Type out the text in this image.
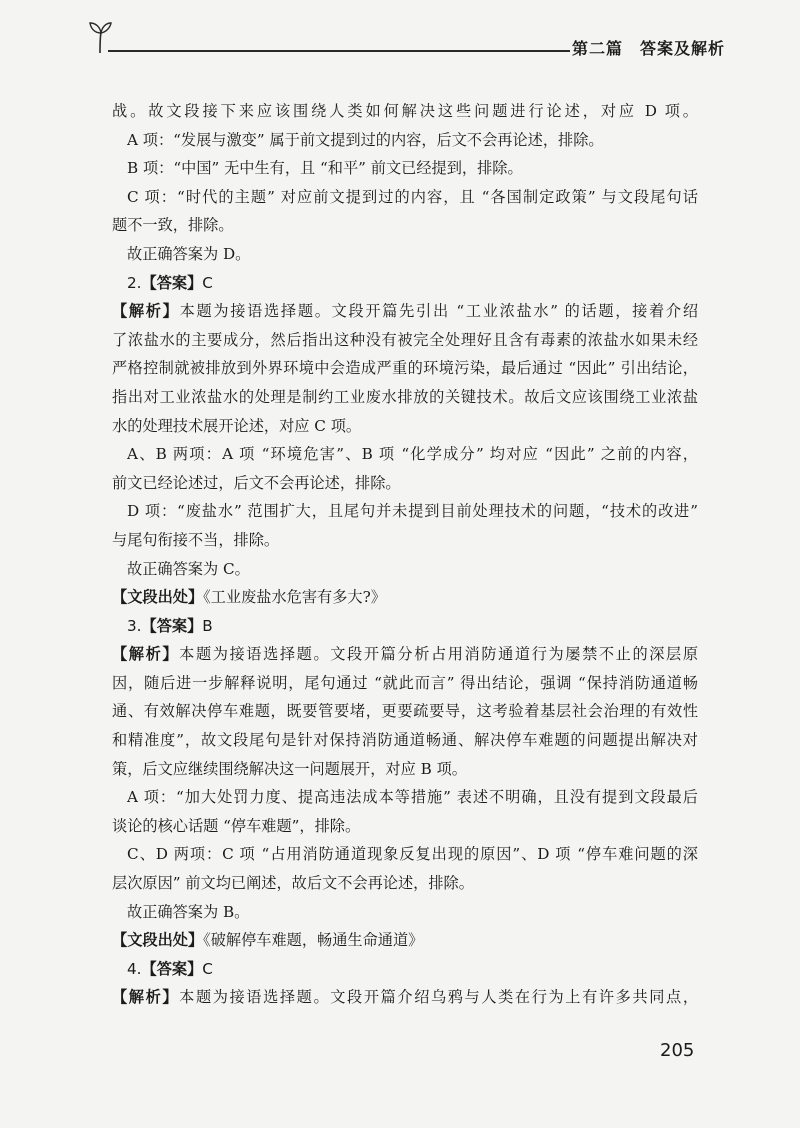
第二篇　答案及解析

战。故文段接下来应该围绕人类如何解决这些问题进行论述，对应 D 项。

A 项：“发展与激变” 属于前文提到过的内容，后文不会再论述，排除。

B 项：“中国” 无中生有，且 “和平” 前文已经提到，排除。

C 项：“时代的主题” 对应前文提到过的内容，且 “各国制定政策” 与文段尾句话

题不一致，排除。

故正确答案为 D。

2.【答案】C

【解析】本题为接语选择题。文段开篇先引出 “工业浓盐水” 的话题，接着介绍

了浓盐水的主要成分，然后指出这种没有被完全处理好且含有毒素的浓盐水如果未经

严格控制就被排放到外界环境中会造成严重的环境污染，最后通过 “因此” 引出结论，

指出对工业浓盐水的处理是制约工业废水排放的关键技术。故后文应该围绕工业浓盐

水的处理技术展开论述，对应 C 项。

A、B 两项：A 项 “环境危害”、B 项 “化学成分” 均对应 “因此” 之前的内容，

前文已经论述过，后文不会再论述，排除。

D 项：“废盐水” 范围扩大，且尾句并未提到目前处理技术的问题，“技术的改进”

与尾句衔接不当，排除。

故正确答案为 C。

【文段出处】《工业废盐水危害有多大?》

3.【答案】B

【解析】本题为接语选择题。文段开篇分析占用消防通道行为屡禁不止的深层原

因，随后进一步解释说明，尾句通过 “就此而言” 得出结论，强调 “保持消防通道畅

通、有效解决停车难题，既要管要堵，更要疏要导，这考验着基层社会治理的有效性

和精准度”，故文段尾句是针对保持消防通道畅通、解决停车难题的问题提出解决对

策，后文应继续围绕解决这一问题展开，对应 B 项。

A 项：“加大处罚力度、提高违法成本等措施” 表述不明确，且没有提到文段最后

谈论的核心话题 “停车难题”，排除。

C、D 两项：C 项 “占用消防通道现象反复出现的原因”、D 项 “停车难问题的深

层次原因” 前文均已阐述，故后文不会再论述，排除。

故正确答案为 B。

【文段出处】《破解停车难题，畅通生命通道》

4.【答案】C

【解析】本题为接语选择题。文段开篇介绍乌鸦与人类在行为上有许多共同点，

205
